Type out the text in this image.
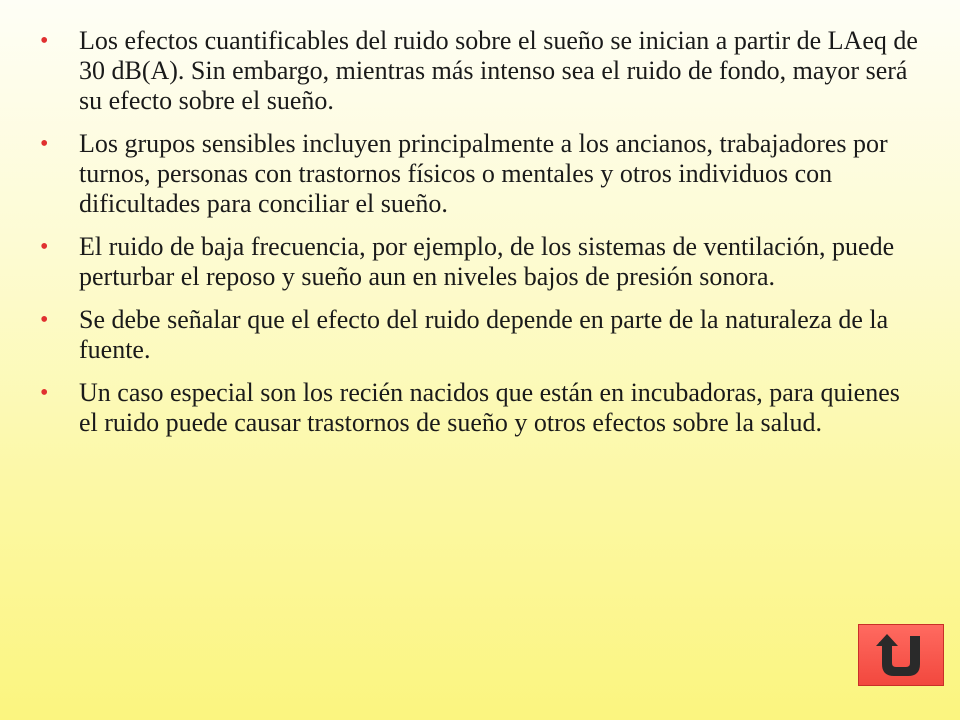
• Los efectos cuantificables del ruido sobre el sueño se inician a partir de LAeq de 30 dB(A). Sin embargo, mientras más intenso sea el ruido de fondo, mayor será su efecto sobre el sueño.
• Los grupos sensibles incluyen principalmente a los ancianos, trabajadores por turnos, personas con trastornos físicos o mentales y otros individuos con dificultades para conciliar el sueño.
• El ruido de baja frecuencia, por ejemplo, de los sistemas de ventilación, puede perturbar el reposo y sueño aun en niveles bajos de presión sonora.
• Se debe señalar que el efecto del ruido depende en parte de la naturaleza de la fuente.
• Un caso especial son los recién nacidos que están en incubadoras, para quienes el ruido puede causar trastornos de sueño y otros efectos sobre la salud.
